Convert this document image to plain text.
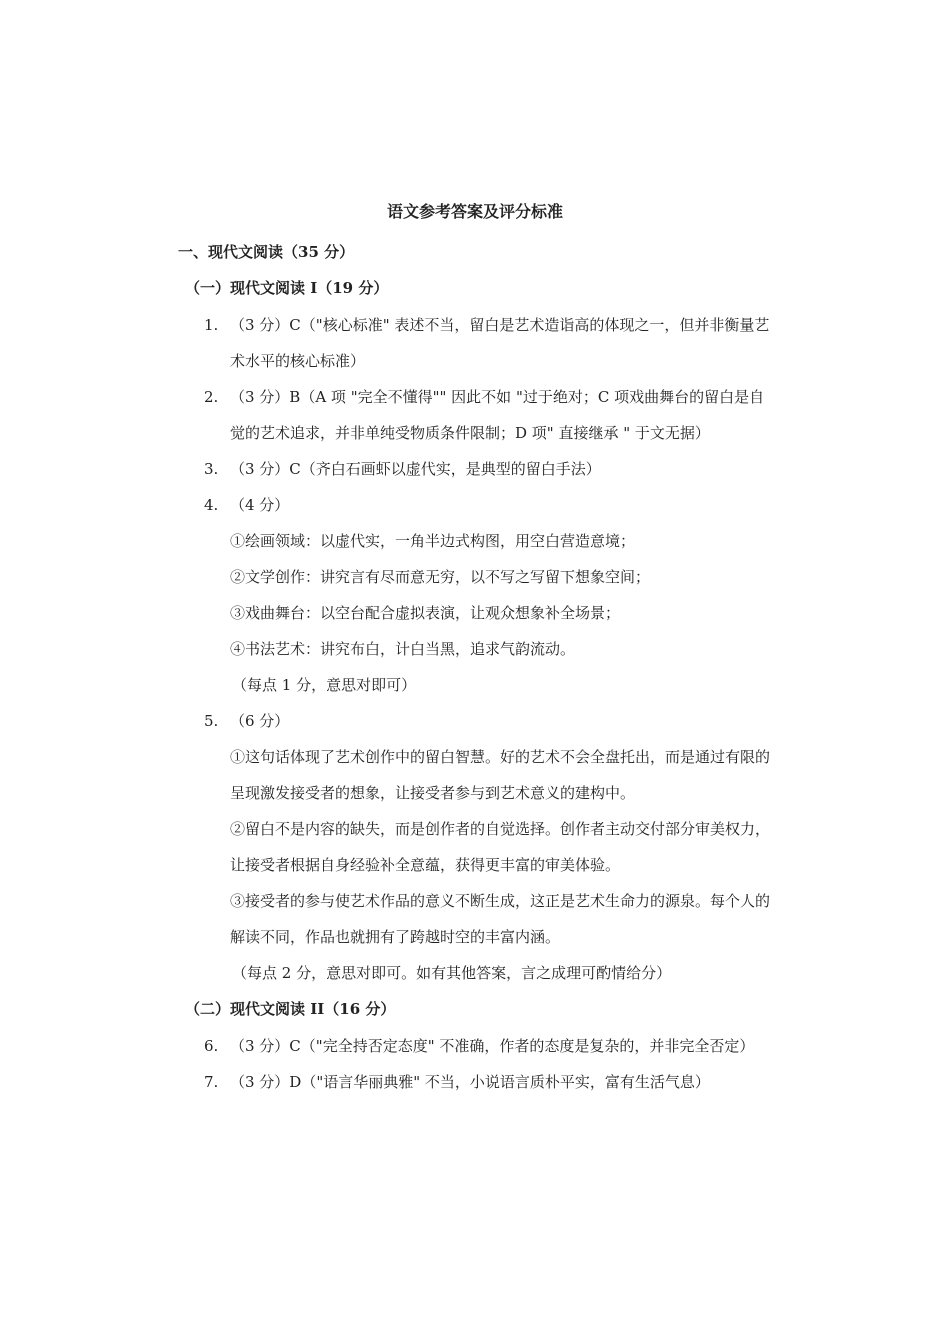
语文参考答案及评分标准
一、现代文阅读（35 分）
（一）现代文阅读 I（19 分）
1. （3 分）C（"核心标准" 表述不当，留白是艺术造诣高的体现之一，但并非衡量艺
术水平的核心标准）
2. （3 分）B（A 项 "完全不懂得"" 因此不如 "过于绝对；C 项戏曲舞台的留白是自
觉的艺术追求，并非单纯受物质条件限制；D 项" 直接继承 " 于文无据）
3. （3 分）C（齐白石画虾以虚代实，是典型的留白手法）
4. （4 分）
①绘画领域：以虚代实，一角半边式构图，用空白营造意境；
②文学创作：讲究言有尽而意无穷，以不写之写留下想象空间；
③戏曲舞台：以空台配合虚拟表演，让观众想象补全场景；
④书法艺术：讲究布白，计白当黑，追求气韵流动。
（每点 1 分，意思对即可）
5. （6 分）
①这句话体现了艺术创作中的留白智慧。好的艺术不会全盘托出，而是通过有限的
呈现激发接受者的想象，让接受者参与到艺术意义的建构中。
②留白不是内容的缺失，而是创作者的自觉选择。创作者主动交付部分审美权力，
让接受者根据自身经验补全意蕴，获得更丰富的审美体验。
③接受者的参与使艺术作品的意义不断生成，这正是艺术生命力的源泉。每个人的
解读不同，作品也就拥有了跨越时空的丰富内涵。
（每点 2 分，意思对即可。如有其他答案，言之成理可酌情给分）
（二）现代文阅读 II（16 分）
6. （3 分）C（"完全持否定态度" 不准确，作者的态度是复杂的，并非完全否定）
7. （3 分）D（"语言华丽典雅" 不当，小说语言质朴平实，富有生活气息）
